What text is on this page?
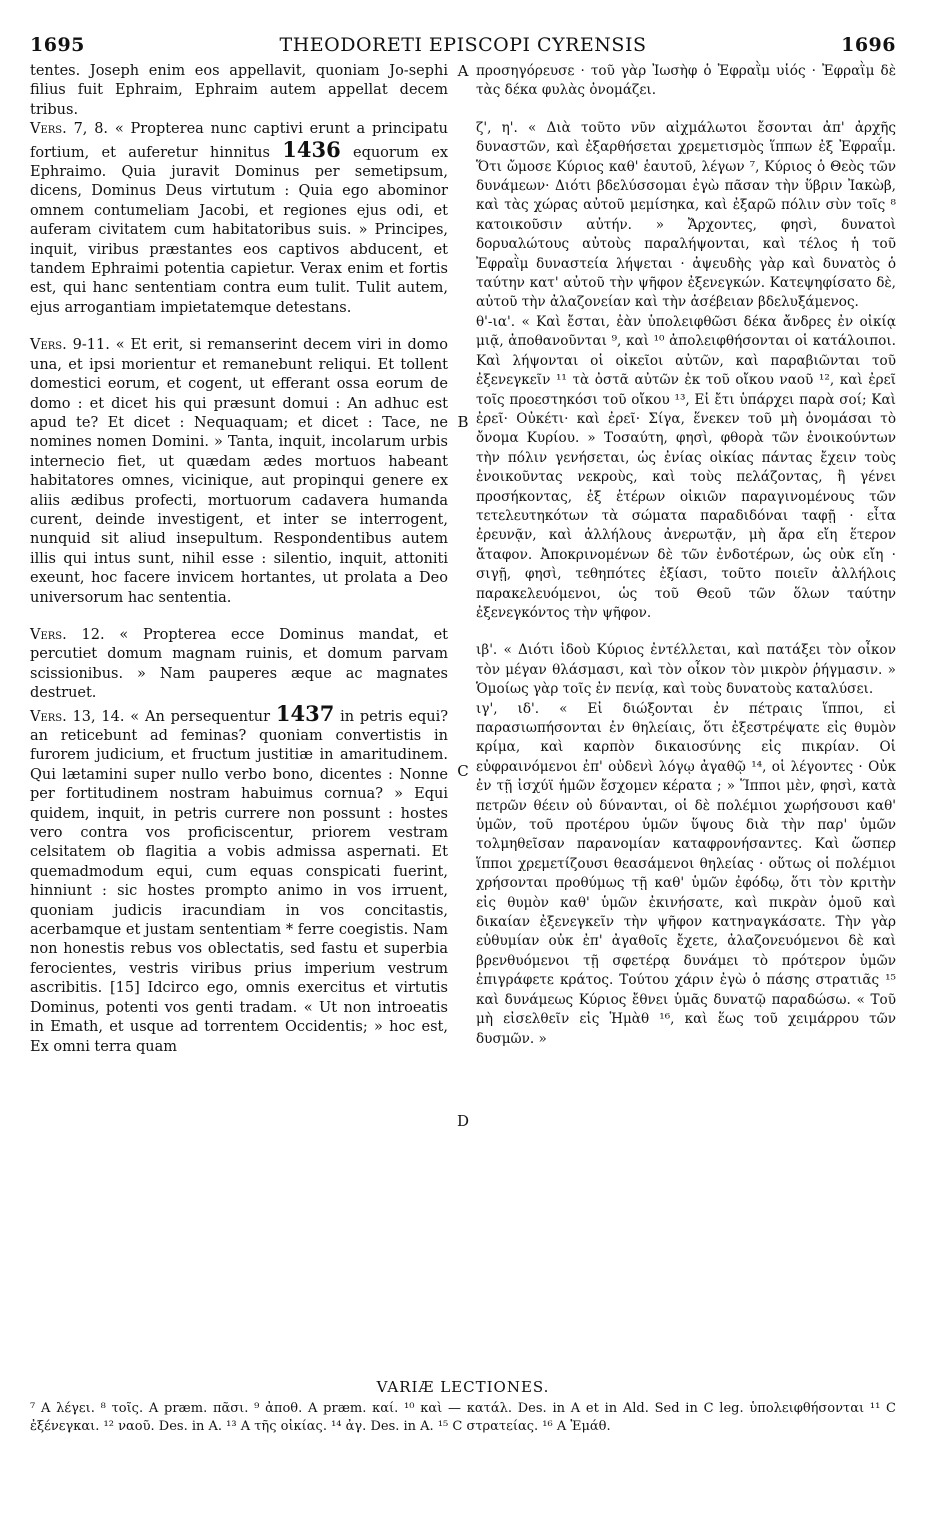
1695	THEODORETI EPISCOPI CYRENSIS	1696

tentes. Joseph enim eos appellavit, quoniam Jo-sephi filius fuit Ephraim, Ephraim autem appellat decem tribus.

Vers. 7, 8. « Propterea nunc captivi erunt a principatu fortium, et auferetur hinnitus 1436 equorum ex Ephraimo. Quia juravit Dominus per semetipsum, dicens, Dominus Deus virtutum : Quia ego abominor omnem contumeliam Jacobi, et regiones ejus odi, et auferam civitatem cum habitatoribus suis. » Principes, inquit, viribus præstantes eos captivos abducent, et tandem Ephraimi potentia capietur. Verax enim et fortis est, qui hanc sententiam contra eum tulit. Tulit autem, ejus arrogantiam impietatemque detestans.

Vers. 9-11. « Et erit, si remanserint decem viri in domo una, et ipsi morientur et remanebunt reliqui. Et tollent domestici eorum, et cogent, ut efferant ossa eorum de domo : et dicet his qui præsunt domui : An adhuc est apud te? Et dicet : Nequaquam; et dicet : Tace, ne nomines nomen Domini. » Tanta, inquit, incolarum urbis internecio fiet, ut quædam ædes mortuos habeant habitatores omnes, vicinique, aut propinqui genere ex aliis ædibus profecti, mortuorum cadavera humanda curent, deinde investigent, et inter se interrogent, nunquid sit aliud insepultum. Respondentibus autem illis qui intus sunt, nihil esse : silentio, inquit, attoniti exeunt, hoc facere invicem hortantes, ut prolata a Deo universorum hac sententia.

Vers. 12. « Propterea ecce Dominus mandat, et percutiet domum magnam ruinis, et domum parvam scissionibus. » Nam pauperes æque ac magnates destruet.

Vers. 13, 14. « An persequentur 1437 in petris equi? an reticebunt ad feminas? quoniam convertistis in furorem judicium, et fructum justitiæ in amaritudinem. Qui lætamini super nullo verbo bono, dicentes : Nonne per fortitudinem nostram habuimus cornua? » Equi quidem, inquit, in petris currere non possunt : hostes vero contra vos proficiscentur, priorem vestram celsitatem ob flagitia a vobis admissa aspernati. Et quemadmodum equi, cum equas conspicati fuerint, hinniunt : sic hostes prompto animo in vos irruent, quoniam judicis iracundiam in vos concitastis, acerbamque et justam sententiam * ferre coegistis. Nam non honestis rebus vos oblectatis, sed fastu et superbia ferocientes, vestris viribus prius imperium vestrum ascribitis. [15] Idcirco ego, omnis exercitus et virtutis Dominus, potenti vos genti tradam. « Ut non introeatis in Emath, et usque ad torrentem Occidentis; » hoc est, Ex omni terra quam

A
B
C
D

προσηγόρευσε · τοῦ γὰρ Ἰωσὴφ ὁ Ἐφραῒμ υἱός · Ἐφραῒμ δὲ τὰς δέκα φυλὰς ὀνομάζει.

ζ', η'. « Διὰ τοῦτο νῦν αἰχμάλωτοι ἔσονται ἀπ' ἀρχῆς δυναστῶν, καὶ ἐξαρθήσεται χρεμετισμὸς ἵππων ἐξ Ἐφραΐμ. Ὅτι ὤμοσε Κύριος καθ' ἑαυτοῦ, λέγων ⁷, Κύριος ὁ Θεὸς τῶν δυνάμεων· Διότι βδελύσσομαι ἐγὼ πᾶσαν τὴν ὕβριν Ἰακὼβ, καὶ τὰς χώρας αὐτοῦ μεμίσηκα, καὶ ἐξαρῶ πόλιν σὺν τοῖς ⁸ κατοικοῦσιν αὐτήν. » Ἄρχοντες, φησὶ, δυνατοὶ δορυαλώτους αὐτοὺς παραλήψονται, καὶ τέλος ἡ τοῦ Ἐφραῒμ δυναστεία λήψεται · ἀψευδὴς γὰρ καὶ δυνατὸς ὁ ταύτην κατ' αὐτοῦ τὴν ψῆφον ἐξενεγκών. Κατεψηφίσατο δὲ, αὐτοῦ τὴν ἀλαζονείαν καὶ τὴν ἀσέβειαν βδελυξάμενος.

θ'-ια'. « Καὶ ἔσται, ἐὰν ὑπολειφθῶσι δέκα ἄνδρες ἐν οἰκίᾳ μιᾷ, ἀποθανοῦνται ⁹, καὶ ¹⁰ ἀπολειφθήσονται οἱ κατάλοιποι. Καὶ λήψονται οἱ οἰκεῖοι αὐτῶν, καὶ παραβιῶνται τοῦ ἐξενεγκεῖν ¹¹ τὰ ὀστᾶ αὐτῶν ἐκ τοῦ οἴκου ναοῦ ¹², καὶ ἐρεῖ τοῖς προεστηκόσι τοῦ οἴκου ¹³, Εἰ ἔτι ὑπάρχει παρὰ σοί; Καὶ ἐρεῖ· Οὐκέτι· καὶ ἐρεῖ· Σίγα, ἕνεκεν τοῦ μὴ ὀνομάσαι τὸ ὄνομα Κυρίου. » Τοσαύτη, φησὶ, φθορὰ τῶν ἐνοικούντων τὴν πόλιν γενήσεται, ὡς ἐνίας οἰκίας πάντας ἔχειν τοὺς ἐνοικοῦντας νεκροὺς, καὶ τοὺς πελάζοντας, ἢ γένει προσήκοντας, ἐξ ἑτέρων οἰκιῶν παραγινομένους τῶν τετελευτηκότων τὰ σώματα παραδιδόναι ταφῇ · εἶτα ἐρευνᾷν, καὶ ἀλλήλους ἀνερωτᾷν, μὴ ἄρα εἴη ἕτερον ἄταφον. Ἀποκρινομένων δὲ τῶν ἐνδοτέρων, ὡς οὐκ εἴη · σιγῇ, φησὶ, τεθηπότες ἐξίασι, τοῦτο ποιεῖν ἀλλήλοις παρακελευόμενοι, ὡς τοῦ Θεοῦ τῶν ὅλων ταύτην ἐξενεγκόντος τὴν ψῆφον.

ιβ'. « Διότι ἰδοὺ Κύριος ἐντέλλεται, καὶ πατάξει τὸν οἶκον τὸν μέγαν θλάσμασι, καὶ τὸν οἶκον τὸν μικρὸν ῥήγμασιν. » Ὁμοίως γὰρ τοῖς ἐν πενίᾳ, καὶ τοὺς δυνατοὺς καταλύσει.

ιγ', ιδ'. « Εἰ διώξονται ἐν πέτραις ἵπποι, εἰ παρασιωπήσονται ἐν θηλείαις, ὅτι ἐξεστρέψατε εἰς θυμὸν κρίμα, καὶ καρπὸν δικαιοσύνης εἰς πικρίαν. Οἱ εὐφραινόμενοι ἐπ' οὐδενὶ λόγῳ ἀγαθῷ ¹⁴, οἱ λέγοντες · Οὐκ ἐν τῇ ἰσχύϊ ἡμῶν ἔσχομεν κέρατα ; » Ἵπποι μὲν, φησὶ, κατὰ πετρῶν θέειν οὐ δύνανται, οἱ δὲ πολέμιοι χωρήσουσι καθ' ὑμῶν, τοῦ προτέρου ὑμῶν ὕψους διὰ τὴν παρ' ὑμῶν τολμηθεῖσαν παρανομίαν καταφρονήσαντες. Καὶ ὥσπερ ἵπποι χρεμετίζουσι θεασάμενοι θηλείας · οὕτως οἱ πολέμιοι χρήσονται προθύμως τῇ καθ' ὑμῶν ἐφόδῳ, ὅτι τὸν κριτὴν εἰς θυμὸν καθ' ὑμῶν ἐκινήσατε, καὶ πικρὰν ὁμοῦ καὶ δικαίαν ἐξενεγκεῖν τὴν ψῆφον κατηναγκάσατε. Τὴν γὰρ εὐθυμίαν οὐκ ἐπ' ἀγαθοῖς ἔχετε, ἀλαζονευόμενοι δὲ καὶ βρενθυόμενοι τῇ σφετέρᾳ δυνάμει τὸ πρότερον ὑμῶν ἐπιγράφετε κράτος. Τούτου χάριν ἐγὼ ὁ πάσης στρατιᾶς ¹⁵ καὶ δυνάμεως Κύριος ἔθνει ὑμᾶς δυνατῷ παραδώσω. « Τοῦ μὴ εἰσελθεῖν εἰς Ἡμὰθ ¹⁶, καὶ ἕως τοῦ χειμάρρου τῶν δυσμῶν. »

VARIÆ LECTIONES.
⁷ A λέγει. ⁸ τοῖς. A præm. πᾶσι. ⁹ ἀποθ. A præm. καί. ¹⁰ καὶ — κατάλ. Des. in A et in Ald. Sed in C leg. ὑπολειφθήσονται ¹¹ C ἐξένεγκαι. ¹² ναοῦ. Des. in A. ¹³ A τῆς οἰκίας. ¹⁴ ἀγ. Des. in A. ¹⁵ C στρατείας. ¹⁶ A Ἐμάθ.
